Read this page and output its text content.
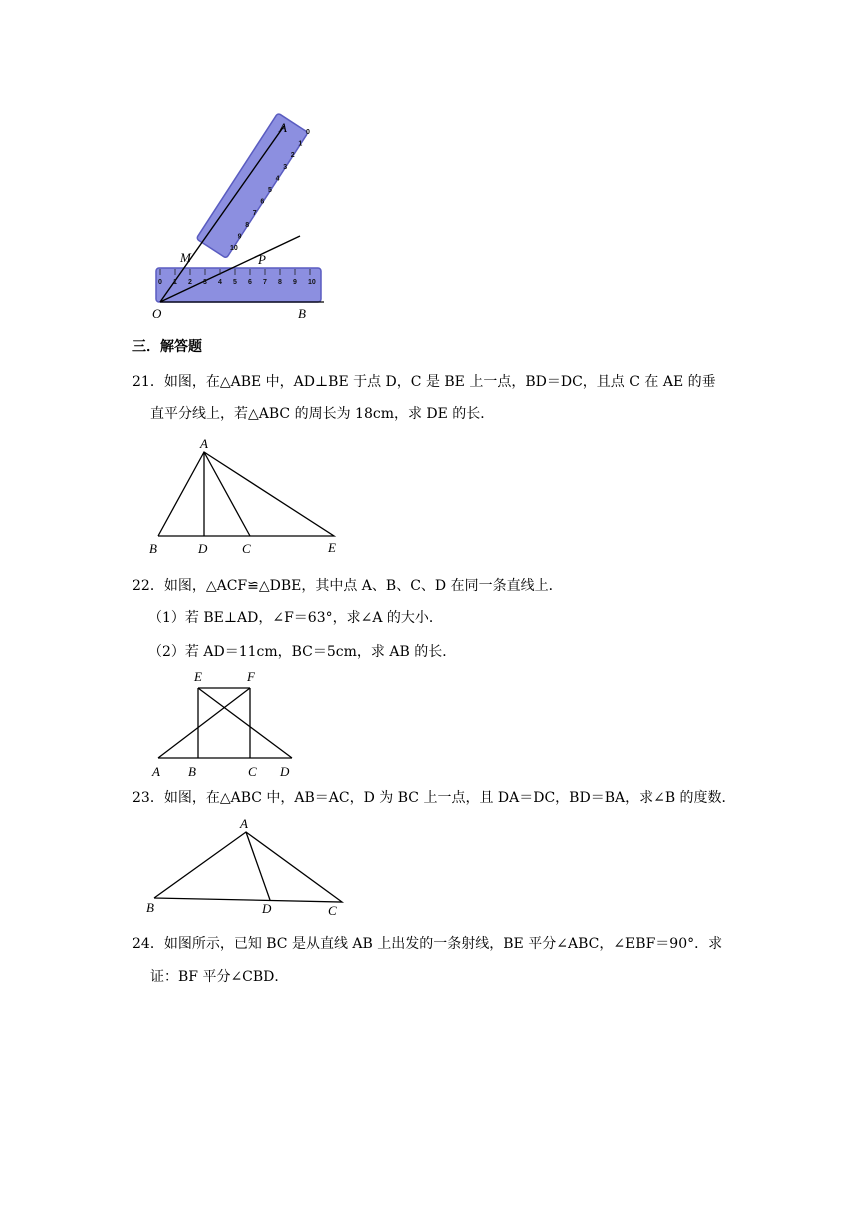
0 1 2 3 4 5 6 7 8 9 10
0
1
2
3
4
5
6
7
8
9
10
A
M	P
O	B
三．解答题
21．如图，在△ABE 中，AD⊥BE 于点 D，C 是 BE 上一点，BD＝DC，且点 C 在 AE 的垂
直平分线上，若△ABC 的周长为 18cm，求 DE 的长．
A
B	D	C	E
22．如图，△ACF≌△DBE，其中点 A、B、C、D 在同一条直线上．
（1）若 BE⊥AD，∠F＝63°，求∠A 的大小．
（2）若 AD＝11cm，BC＝5cm，求 AB 的长．
E	F
A B	C D
23．如图，在△ABC 中，AB＝AC，D 为 BC 上一点，且 DA＝DC，BD＝BA，求∠B 的度数．
A
B	D	C
24．如图所示，已知 BC 是从直线 AB 上出发的一条射线，BE 平分∠ABC，∠EBF＝90°．求
证：BF 平分∠CBD．
